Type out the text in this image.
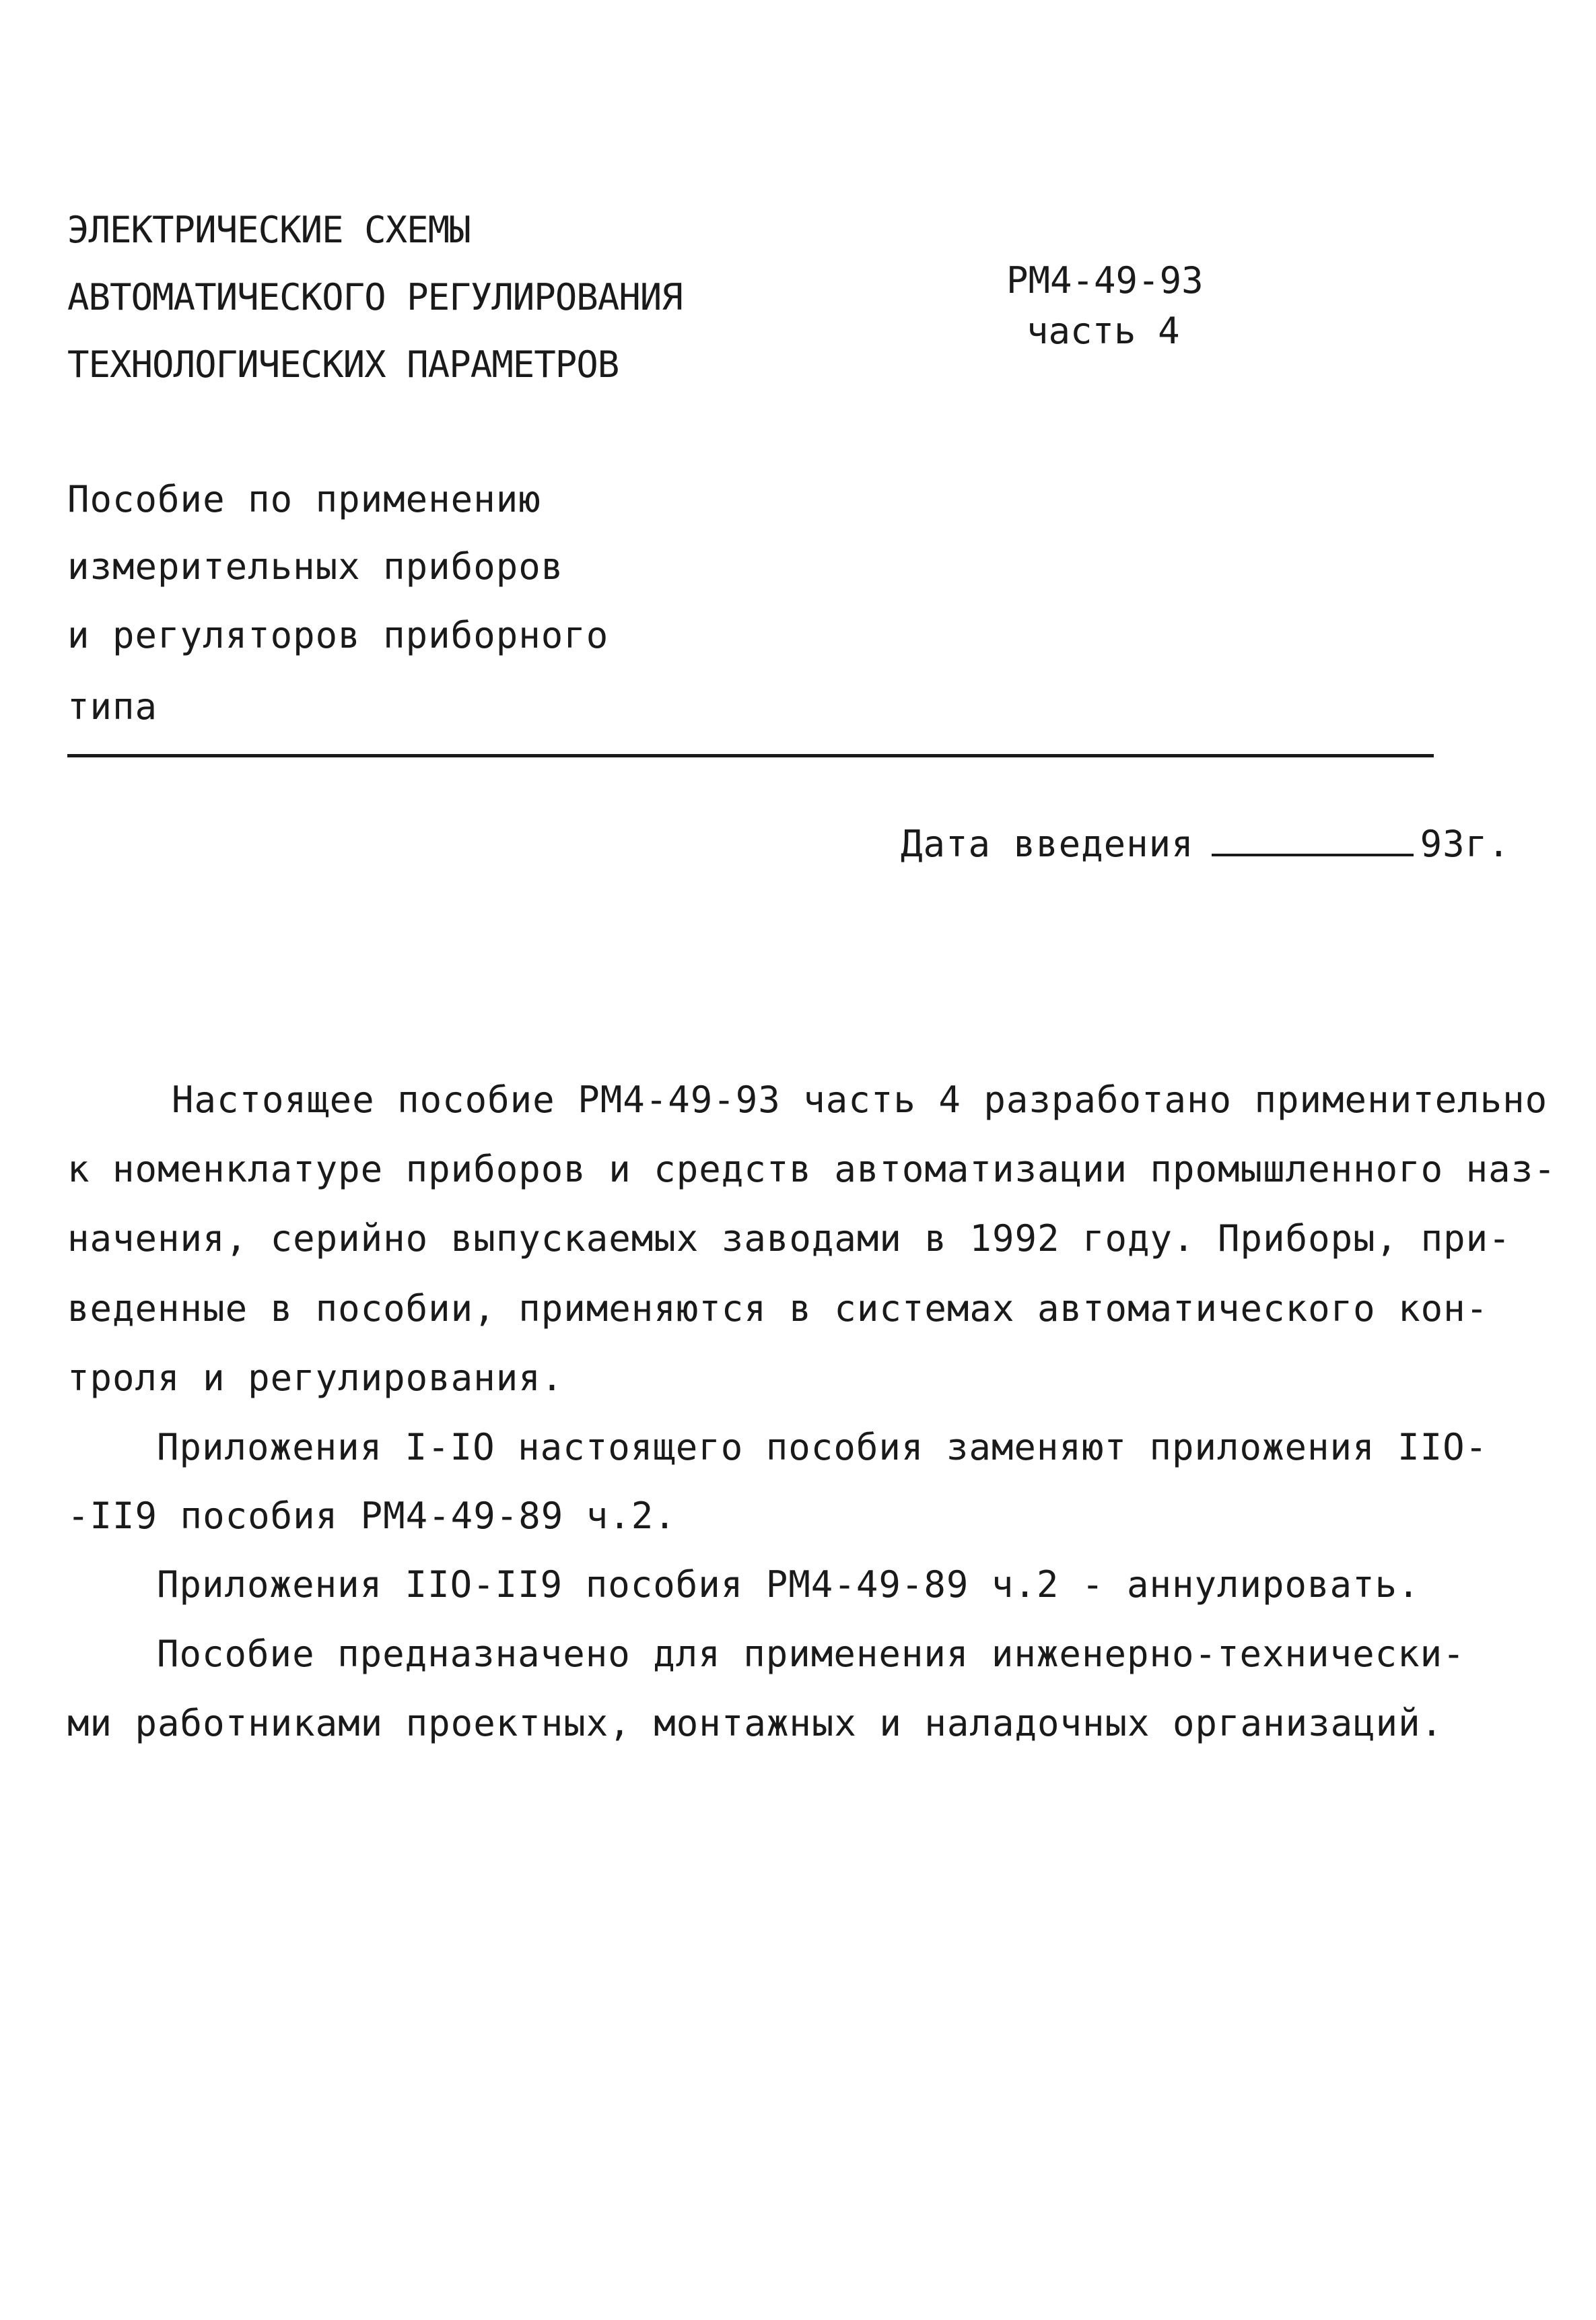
ЭЛЕКТРИЧЕСКИЕ СХЕМЫ
АВТОМАТИЧЕСКОГО РЕГУЛИРОВАНИЯ
ТЕХНОЛОГИЧЕСКИХ ПАРАМЕТРОВ
РМ4-49-93
часть 4
Пособие по применению
измерительных приборов
и регуляторов приборного
типа
Дата введения	93г.
Настоящее пособие РМ4-49-93 часть 4 разработано применительно
к номенклатуре приборов и средств автоматизации промышленного наз-
начения, серийно выпускаемых заводами в 1992 году. Приборы, при-
веденные в пособии, применяются в системах автоматического кон-
троля и регулирования.
Приложения I-IO настоящего пособия заменяют приложения IIO-
-II9 пособия РМ4-49-89 ч.2.
Приложения IIO-II9 пособия РМ4-49-89 ч.2 - аннулировать.
Пособие предназначено для применения инженерно-технически-
ми работниками проектных, монтажных и наладочных организаций.
